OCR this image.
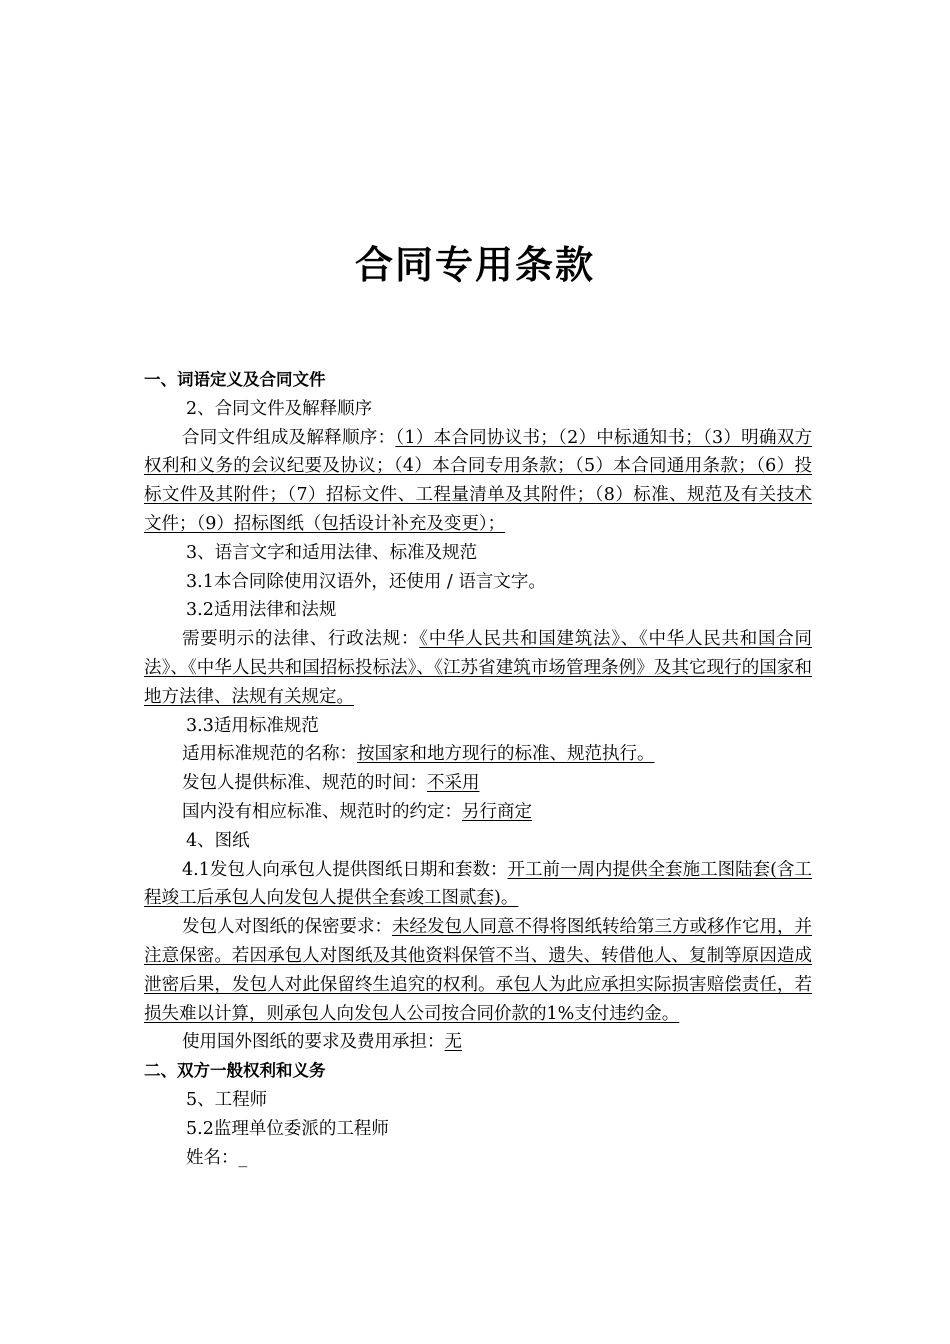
合同专用条款

一、词语定义及合同文件

2、合同文件及解释顺序

合同文件组成及解释顺序：（1）本合同协议书；（2）中标通知书；（3）明确双方权利和义务的会议纪要及协议；（4）本合同专用条款；（5）本合同通用条款；（6）投标文件及其附件；（7）招标文件、工程量清单及其附件；（8）标准、规范及有关技术文件；（9）招标图纸（包括设计补充及变更）；

3、语言文字和适用法律、标准及规范

3.1本合同除使用汉语外，还使用 / 语言文字。

3.2适用法律和法规

需要明示的法律、行政法规：《中华人民共和国建筑法》、《中华人民共和国合同法》、《中华人民共和国招标投标法》、《江苏省建筑市场管理条例》及其它现行的国家和地方法律、法规有关规定。

3.3适用标准规范

适用标准规范的名称：按国家和地方现行的标准、规范执行。

发包人提供标准、规范的时间：不采用

国内没有相应标准、规范时的约定：另行商定

4、图纸

4.1发包人向承包人提供图纸日期和套数：开工前一周内提供全套施工图陆套(含工程竣工后承包人向发包人提供全套竣工图贰套)。

发包人对图纸的保密要求：未经发包人同意不得将图纸转给第三方或移作它用，并注意保密。若因承包人对图纸及其他资料保管不当、遗失、转借他人、复制等原因造成泄密后果，发包人对此保留终生追究的权利。承包人为此应承担实际损害赔偿责任，若损失难以计算，则承包人向发包人公司按合同价款的1%支付违约金。

使用国外图纸的要求及费用承担：无

二、双方一般权利和义务

5、工程师

5.2监理单位委派的工程师

姓名：_
